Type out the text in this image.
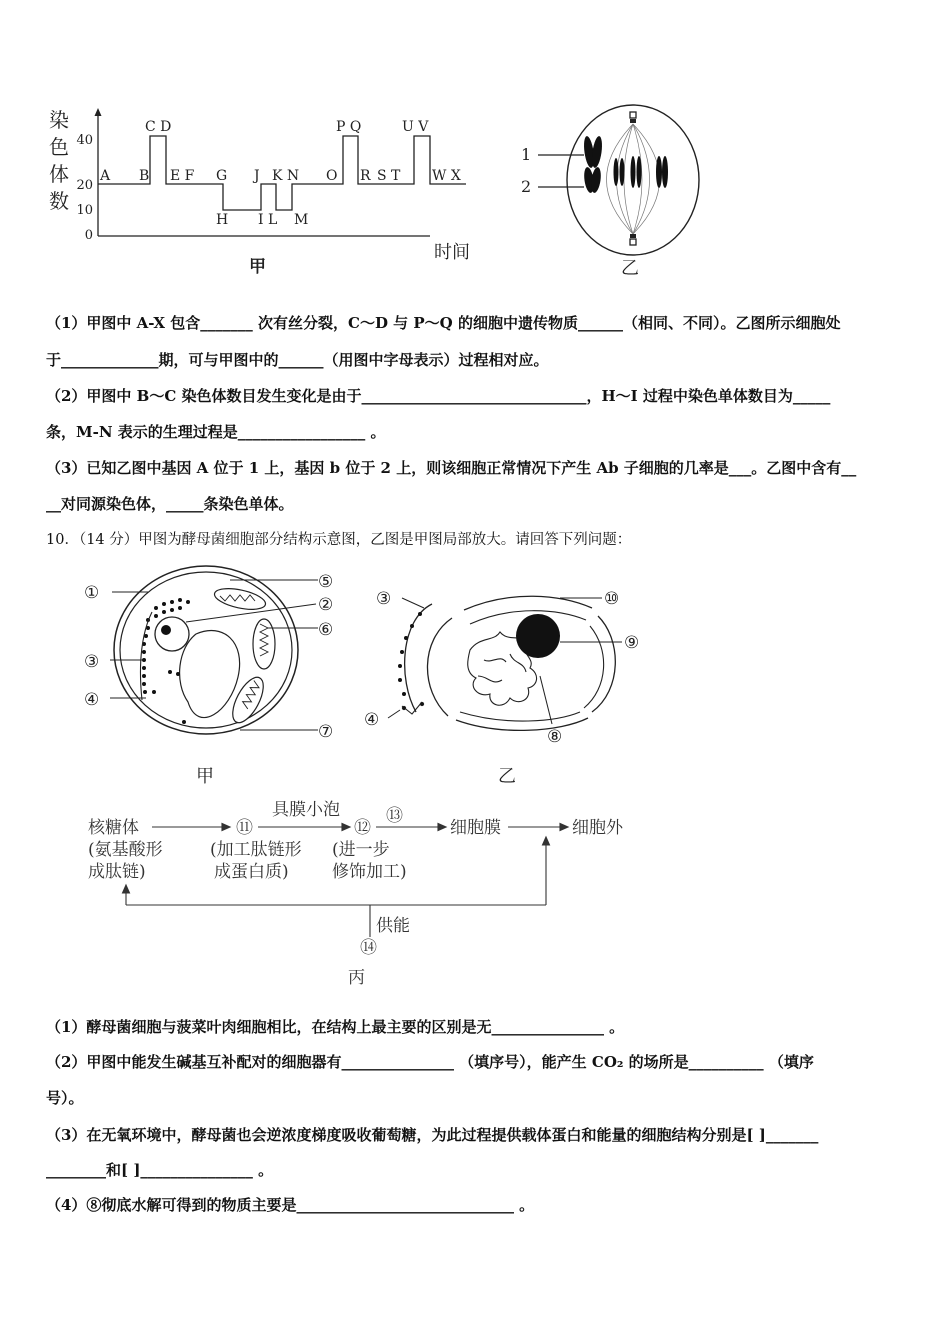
染
色
体
数
40
20
10
0
C D	P Q	U V
A B E F G J K N O R S T W X
H I L M
时间
甲
1
2
乙
（1）甲图中 A-X 包含_______ 次有丝分裂，C～D 与 P～Q 的细胞中遗传物质______（相同、不同）。乙图所示细胞处
于_____________期，可与甲图中的______（用图中字母表示）过程相对应。
（2）甲图中 B～C 染色体数目发生变化是由于______________________________，H～I 过程中染色单体数目为_____
条，M-N 表示的生理过程是_________________ 。
（3）已知乙图中基因 A 位于 1 上，基因 b 位于 2 上，则该细胞正常情况下产生 Ab 子细胞的几率是___。乙图中含有__
__对同源染色体，_____条染色单体。
10．（14 分）甲图为酵母菌细胞部分结构示意图，乙图是甲图局部放大。请回答下列问题：
①
⑤
②
⑥
③
④
⑦
甲
③	⑩
⑨
④
⑧
乙
核糖体
(氨基酸形
成肽链)
⑪
(加工肽链形
成蛋白质)
具膜小泡
⑫
(进一步
修饰加工)
⑬
细胞膜	细胞外
供能
⑭
丙
（1）酵母菌细胞与菠菜叶肉细胞相比，在结构上最主要的区别是无_______________ 。
（2）甲图中能发生碱基互补配对的细胞器有_______________ （填序号），能产生 CO₂ 的场所是__________ （填序
号）。
（3）在无氧环境中，酵母菌也会逆浓度梯度吸收葡萄糖，为此过程提供载体蛋白和能量的细胞结构分别是[ ]_______
________和[ ]_______________ 。
（4）⑧彻底水解可得到的物质主要是_____________________________ 。
